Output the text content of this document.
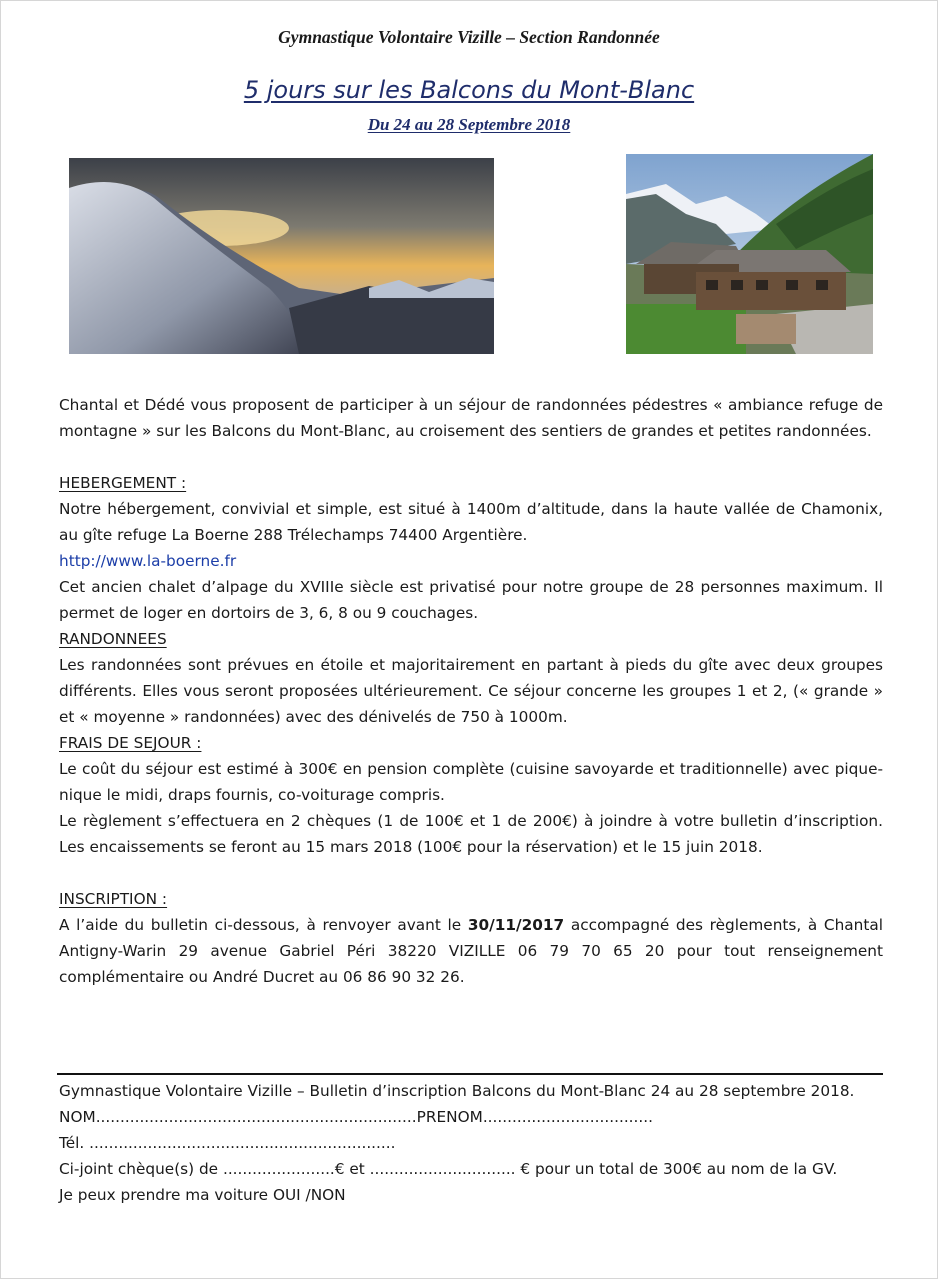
Gymnastique Volontaire Vizille – Section Randonnée
5 jours sur les Balcons du Mont-Blanc
Du 24 au 28 Septembre 2018

Chantal et Dédé vous proposent de participer à un séjour de randonnées pédestres « ambiance refuge de montagne » sur les Balcons du Mont-Blanc, au croisement des sentiers de grandes et petites randonnées.

HEBERGEMENT :

Notre hébergement, convivial et simple, est situé à 1400m d’altitude, dans la haute vallée de Chamonix, au gîte refuge La Boerne 288 Trélechamps 74400 Argentière.

http://www.la-boerne.fr

Cet ancien chalet d’alpage du XVIIIe siècle est privatisé pour notre groupe de 28 personnes maximum. Il permet de loger en dortoirs de 3, 6, 8 ou 9 couchages.

RANDONNEES

Les randonnées sont prévues en étoile et majoritairement en partant à pieds du gîte avec deux groupes différents. Elles vous seront proposées ultérieurement. Ce séjour concerne les groupes 1 et 2, (« grande » et « moyenne » randonnées) avec des dénivelés de 750 à 1000m.

FRAIS DE SEJOUR :

Le coût du séjour est estimé à 300€ en pension complète (cuisine savoyarde et traditionnelle) avec pique-nique le midi, draps fournis, co-voiturage compris.

Le règlement s’effectuera en 2 chèques (1 de 100€ et 1 de 200€) à joindre à votre bulletin d’inscription. Les encaissements se feront au 15 mars 2018 (100€ pour la réservation) et le 15 juin 2018.

INSCRIPTION :

A l’aide du bulletin ci-dessous, à renvoyer avant le 30/11/2017 accompagné des règlements, à Chantal Antigny-Warin 29 avenue Gabriel Péri 38220 VIZILLE 06 79 70 65 20 pour tout renseignement complémentaire ou André Ducret au 06 86 90 32 26.

Gymnastique Volontaire Vizille – Bulletin d’inscription Balcons du Mont-Blanc 24 au 28 septembre 2018.

NOM..................................................................PRENOM...................................
Tél. ...............................................................
Ci-joint chèque(s) de .......................€ et .............................. € pour un total de 300€ au nom de la GV.
Je peux prendre ma voiture OUI /NON
